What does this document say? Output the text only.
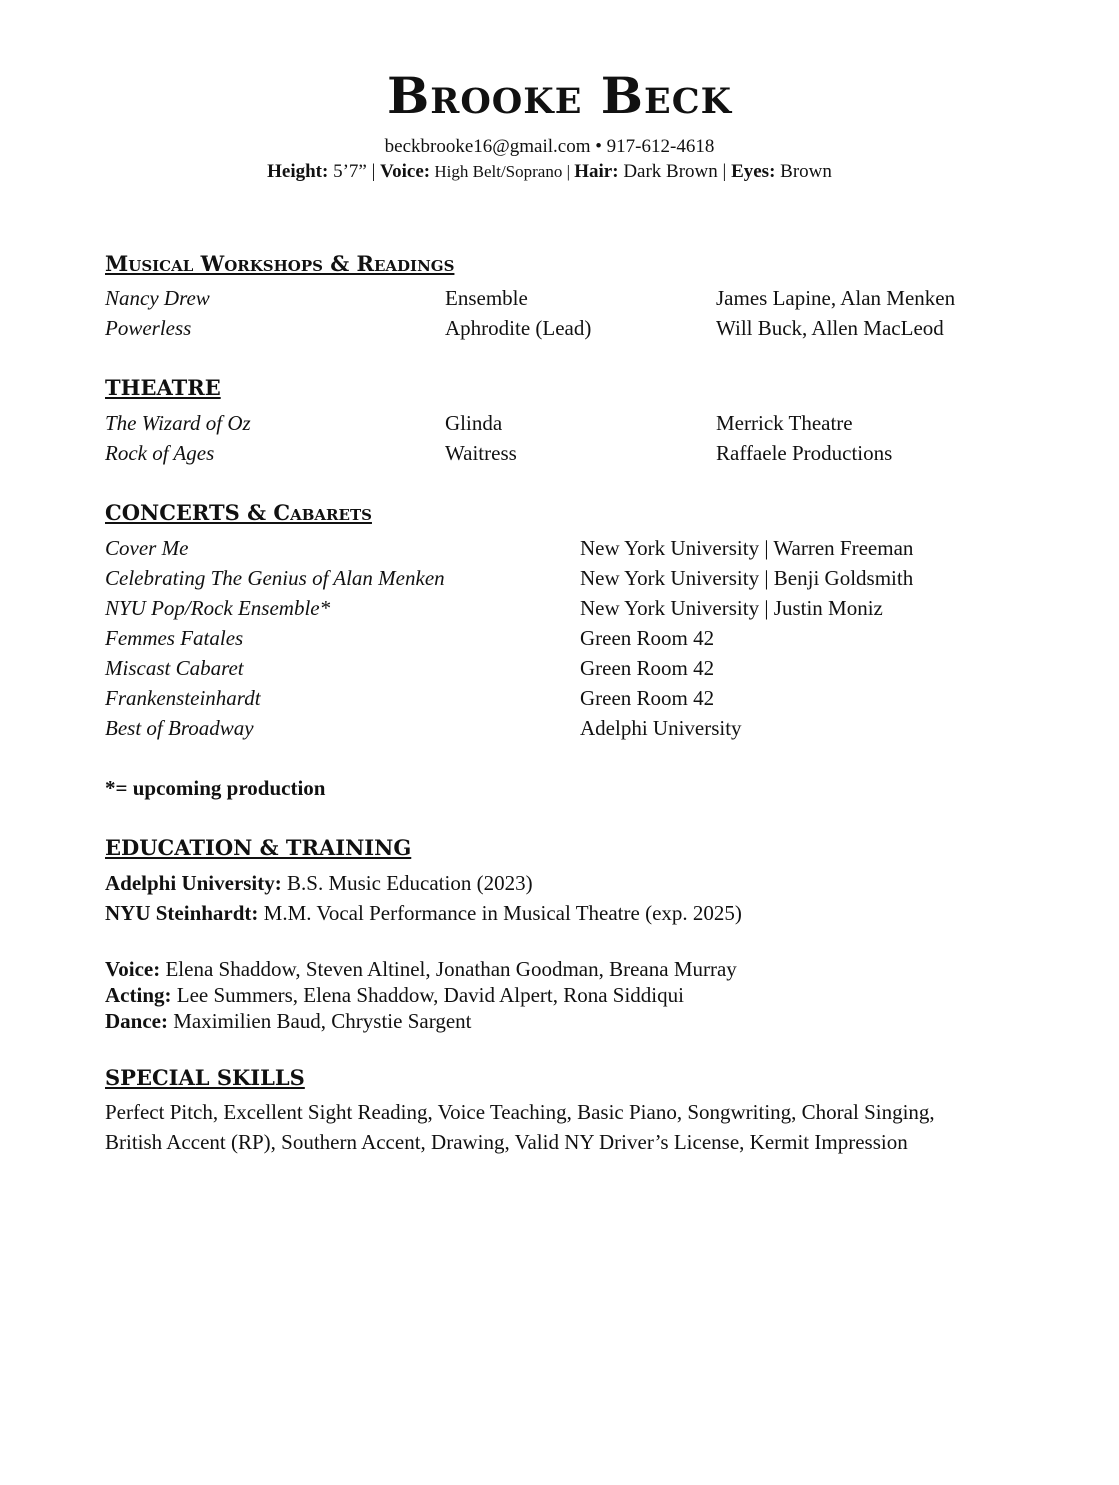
Brooke Beck
beckbrooke16@gmail.com • 917-612-4618
Height: 5’7” | Voice: High Belt/Soprano | Hair: Dark Brown | Eyes: Brown
Musical Workshops & Readings
Nancy Drew	Ensemble	James Lapine, Alan Menken
Powerless	Aphrodite (Lead)	Will Buck, Allen MacLeod
THEATRE
The Wizard of Oz	Glinda	Merrick Theatre
Rock of Ages	Waitress	Raffaele Productions
CONCERTS & Cabarets
Cover Me	New York University | Warren Freeman
Celebrating The Genius of Alan Menken	New York University | Benji Goldsmith
NYU Pop/Rock Ensemble*	New York University | Justin Moniz
Femmes Fatales	Green Room 42
Miscast Cabaret	Green Room 42
Frankensteinhardt	Green Room 42
Best of Broadway	Adelphi University
*= upcoming production
EDUCATION & TRAINING
Adelphi University: B.S. Music Education (2023)
NYU Steinhardt: M.M. Vocal Performance in Musical Theatre (exp. 2025)
Voice: Elena Shaddow, Steven Altinel, Jonathan Goodman, Breana Murray
Acting: Lee Summers, Elena Shaddow, David Alpert, Rona Siddiqui
Dance: Maximilien Baud, Chrystie Sargent
SPECIAL SKILLS
Perfect Pitch, Excellent Sight Reading, Voice Teaching, Basic Piano, Songwriting, Choral Singing, British Accent (RP), Southern Accent, Drawing, Valid NY Driver’s License, Kermit Impression
